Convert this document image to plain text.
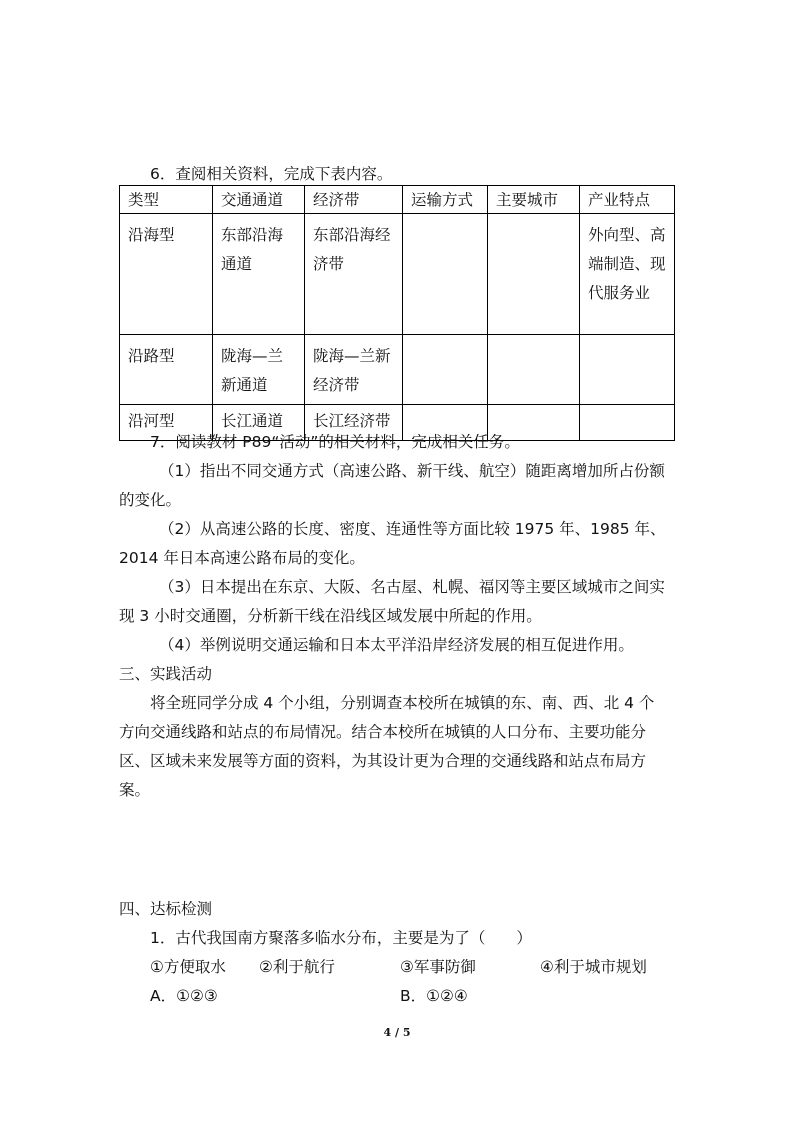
6．查阅相关资料，完成下表内容。
类型	交通通道	经济带	运输方式	主要城市	产业特点
沿海型	东部沿海通道	东部沿海经济带			外向型、高端制造、现代服务业
沿路型	陇海—兰新通道	陇海—兰新经济带			
沿河型	长江通道	长江经济带			
7．阅读教材 P89“活动”的相关材料，完成相关任务。
（1）指出不同交通方式（高速公路、新干线、航空）随距离增加所占份额
的变化。
（2）从高速公路的长度、密度、连通性等方面比较 1975 年、1985 年、
2014 年日本高速公路布局的变化。
（3）日本提出在东京、大阪、名古屋、札幌、福冈等主要区域城市之间实
现 3 小时交通圈，分析新干线在沿线区域发展中所起的作用。
（4）举例说明交通运输和日本太平洋沿岸经济发展的相互促进作用。
三、实践活动
将全班同学分成 4 个小组，分别调查本校所在城镇的东、南、西、北 4 个
方向交通线路和站点的布局情况。结合本校所在城镇的人口分布、主要功能分
区、区域未来发展等方面的资料，为其设计更为合理的交通线路和站点布局方
案。
四、达标检测
1．古代我国南方聚落多临水分布，主要是为了（　　）
①方便取水 ②利于航行	③军事防御	④利于城市规划
A．①②③	B．①②④
4 / 5
